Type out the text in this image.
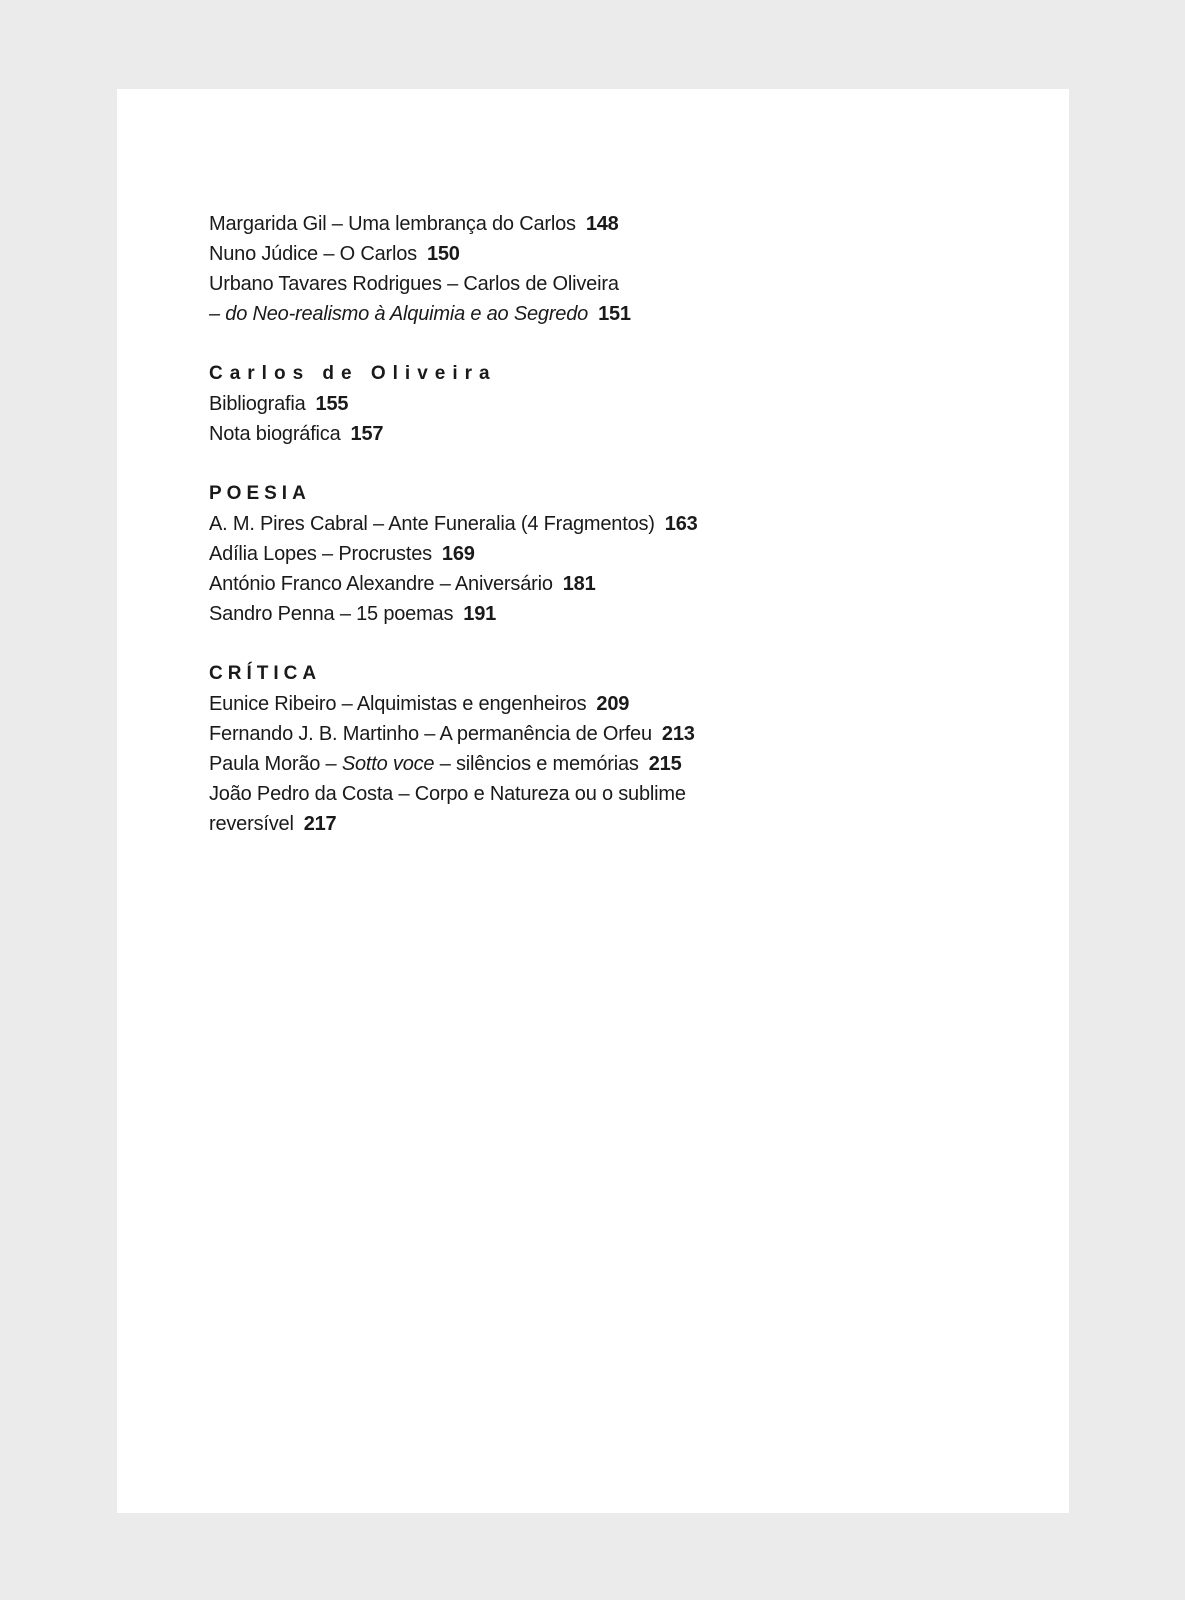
Margarida Gil – Uma lembrança do Carlos 148
Nuno Júdice – O Carlos 150
Urbano Tavares Rodrigues – Carlos de Oliveira
– do Neo-realismo à Alquimia e ao Segredo 151
Carlos de Oliveira
Bibliografia 155
Nota biográfica 157
POESIA
A. M. Pires Cabral – Ante Funeralia (4 Fragmentos) 163
Adília Lopes – Procrustes 169
António Franco Alexandre – Aniversário 181
Sandro Penna – 15 poemas 191
CRÍTICA
Eunice Ribeiro – Alquimistas e engenheiros 209
Fernando J. B. Martinho – A permanência de Orfeu 213
Paula Morão – Sotto voce – silêncios e memórias 215
João Pedro da Costa – Corpo e Natureza ou o sublime
reversível 217
